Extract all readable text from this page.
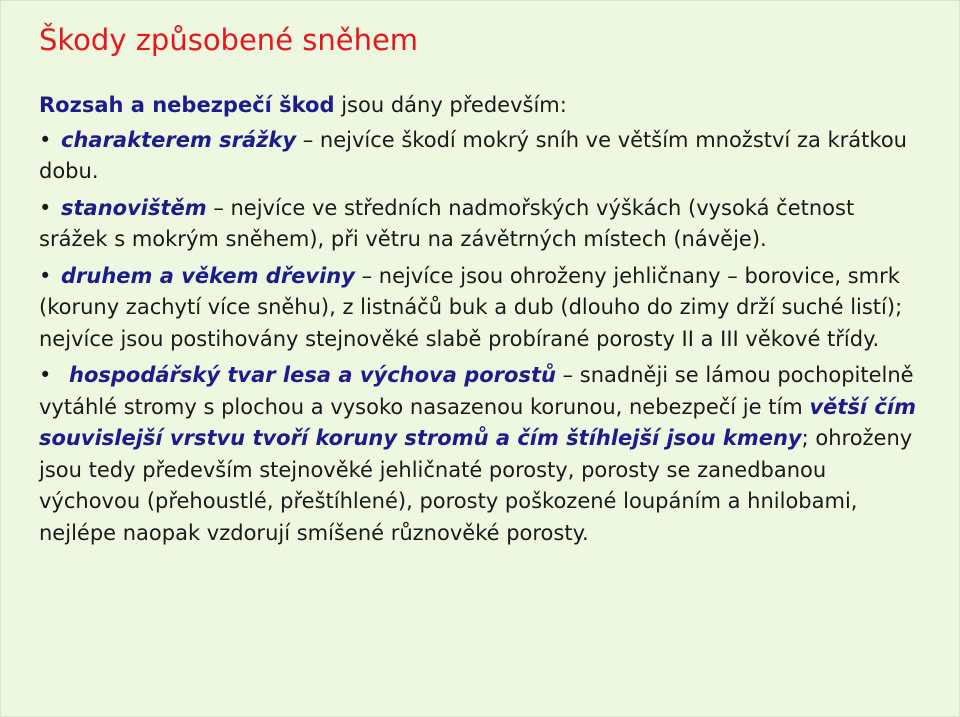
Škody způsobené sněhem

Rozsah a nebezpečí škod jsou dány především:

• charakterem srážky – nejvíce škodí mokrý sníh ve větším množství za krátkou dobu.

• stanovištěm – nejvíce ve středních nadmořských výškách (vysoká četnost srážek s mokrým sněhem), při větru na závětrných místech (návěje).

• druhem a věkem dřeviny – nejvíce jsou ohroženy jehličnany – borovice, smrk (koruny zachytí více sněhu), z listnáčů buk a dub (dlouho do zimy drží suché listí); nejvíce jsou postihovány stejnověké slabě probírané porosty II a III věkové třídy.

• hospodářský tvar lesa a výchova porostů – snadněji se lámou pochopitelně vytáhlé stromy s plochou a vysoko nasazenou korunou, nebezpečí je tím větší čím souvislejší vrstvu tvoří koruny stromů a čím štíhlejší jsou kmeny; ohroženy jsou tedy především stejnověké jehličnaté porosty, porosty se zanedbanou výchovou (přehoustlé, přeštíhlené), porosty poškozené loupáním a hnilobami, nejlépe naopak vzdorují smíšené různověké porosty.
